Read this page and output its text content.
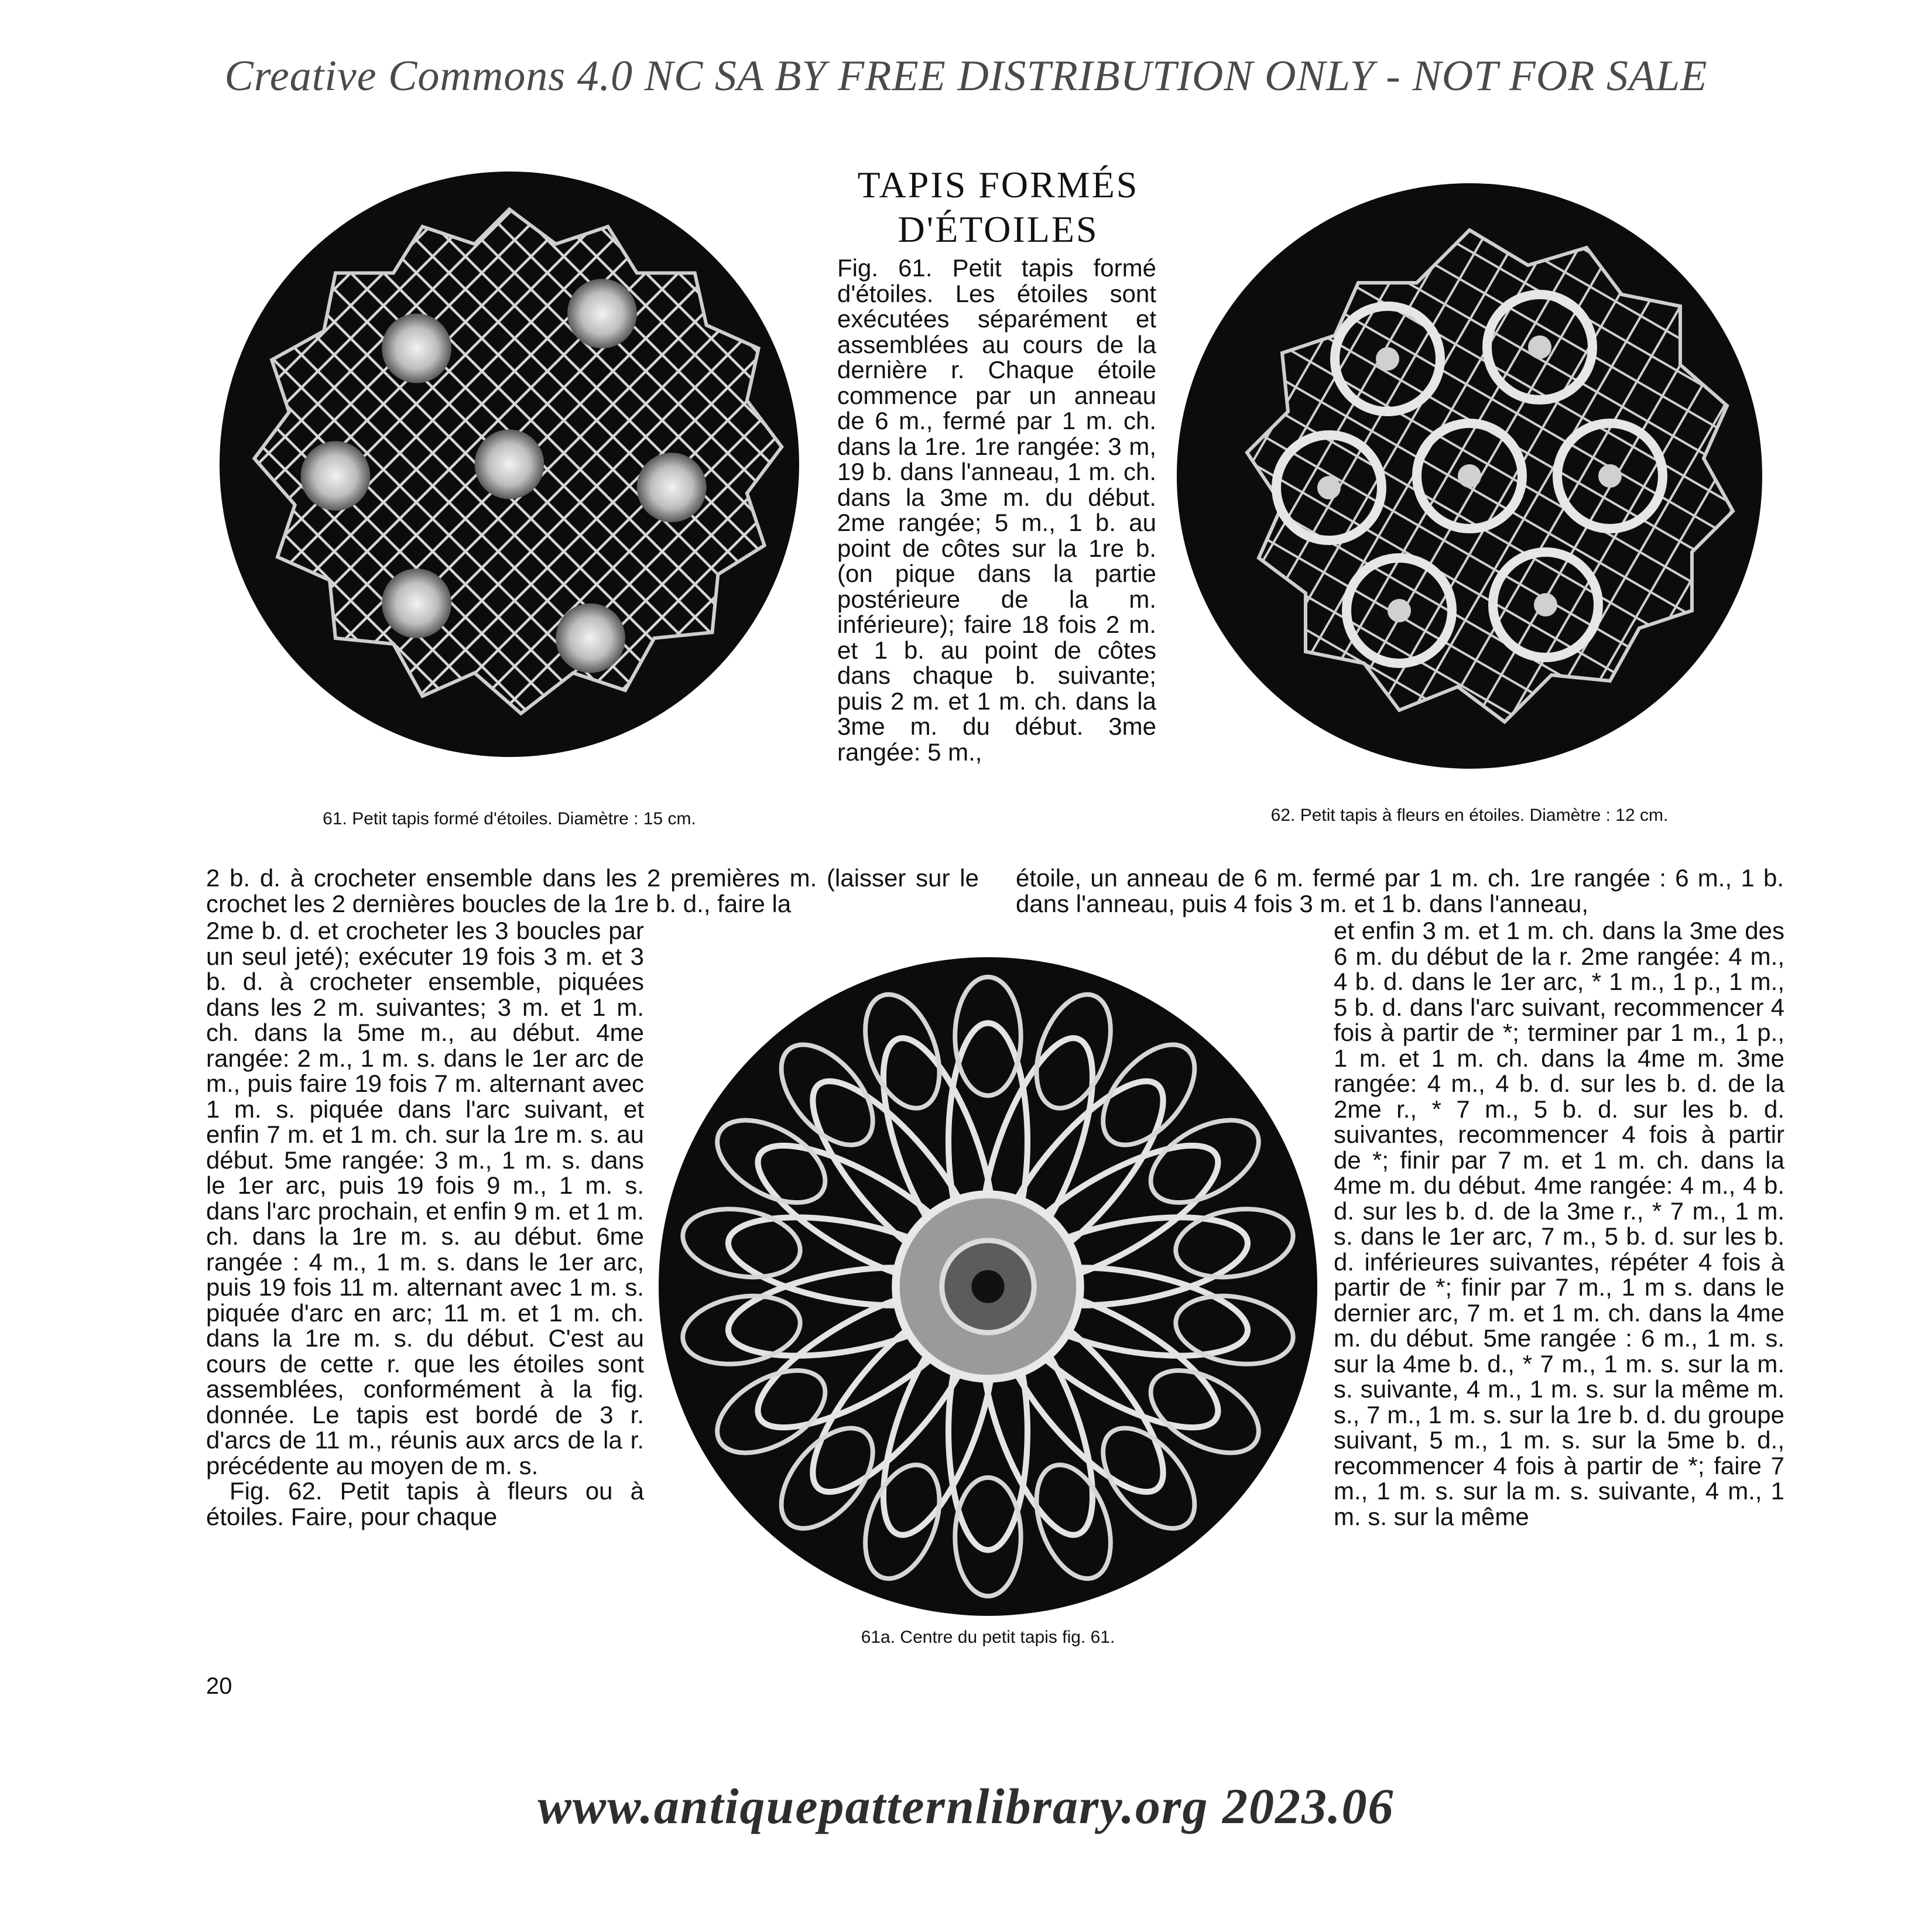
Creative Commons 4.0 NC SA BY FREE DISTRIBUTION ONLY - NOT FOR SALE
61. Petit tapis formé d'étoiles. Diamètre : 15 cm.
TAPIS FORMÉS
D'ÉTOILES

Fig. 61. Petit tapis formé d'étoiles. Les étoiles sont exécutées séparément et assemblées au cours de la dernière r. Chaque étoile commence par un anneau de 6 m., fermé par 1 m. ch. dans la 1re. 1re rangée: 3 m, 19 b. dans l'anneau, 1 m. ch. dans la 3me m. du début. 2me rangée; 5 m., 1 b. au point de côtes sur la 1re b. (on pique dans la partie postérieure de la m. inférieure); faire 18 fois 2 m. et 1 b. au point de côtes dans chaque b. suivante; puis 2 m. et 1 m. ch. dans la 3me m. du début. 3me rangée: 5 m.,

62. Petit tapis à fleurs en étoiles. Diamètre : 12 cm.

2 b. d. à crocheter ensemble dans les 2 premières m. (laisser sur le crochet les 2 dernières boucles de la 1re b. d., faire la

étoile, un anneau de 6 m. fermé par 1 m. ch. 1re rangée : 6 m., 1 b. dans l'anneau, puis 4 fois 3 m. et 1 b. dans l'anneau,

2me b. d. et crocheter les 3 boucles par un seul jeté); exécuter 19 fois 3 m. et 3 b. d. à crocheter ensemble, piquées dans les 2 m. suivantes; 3 m. et 1 m. ch. dans la 5me m., au début. 4me rangée: 2 m., 1 m. s. dans le 1er arc de m., puis faire 19 fois 7 m. alternant avec 1 m. s. piquée dans l'arc suivant, et enfin 7 m. et 1 m. ch. sur la 1re m. s. au début. 5me rangée: 3 m., 1 m. s. dans le 1er arc, puis 19 fois 9 m., 1 m. s. dans l'arc prochain, et enfin 9 m. et 1 m. ch. dans la 1re m. s. au début. 6me rangée : 4 m., 1 m. s. dans le 1er arc, puis 19 fois 11 m. alternant avec 1 m. s. piquée d'arc en arc; 11 m. et 1 m. ch. dans la 1re m. s. du début. C'est au cours de cette r. que les étoiles sont assemblées, conformément à la fig. donnée. Le tapis est bordé de 3 r. d'arcs de 11 m., réunis aux arcs de la r. précédente au moyen de m. s.

Fig. 62. Petit tapis à fleurs ou à étoiles. Faire, pour chaque

61a. Centre du petit tapis fig. 61.

et enfin 3 m. et 1 m. ch. dans la 3me des 6 m. du début de la r. 2me rangée: 4 m., 4 b. d. dans le 1er arc, * 1 m., 1 p., 1 m., 5 b. d. dans l'arc suivant, recommencer 4 fois à partir de *; terminer par 1 m., 1 p., 1 m. et 1 m. ch. dans la 4me m. 3me rangée: 4 m., 4 b. d. sur les b. d. de la 2me r., * 7 m., 5 b. d. sur les b. d. suivantes, recommencer 4 fois à partir de *; finir par 7 m. et 1 m. ch. dans la 4me m. du début. 4me rangée: 4 m., 4 b. d. sur les b. d. de la 3me r., * 7 m., 1 m. s. dans le 1er arc, 7 m., 5 b. d. sur les b. d. inférieures suivantes, répéter 4 fois à partir de *; finir par 7 m., 1 m s. dans le dernier arc, 7 m. et 1 m. ch. dans la 4me m. du début. 5me rangée : 6 m., 1 m. s. sur la 4me b. d., * 7 m., 1 m. s. sur la m. s. suivante, 4 m., 1 m. s. sur la même m. s., 7 m., 1 m. s. sur la 1re b. d. du groupe suivant, 5 m., 1 m. s. sur la 5me b. d., recommencer 4 fois à partir de *; faire 7 m., 1 m. s. sur la m. s. suivante, 4 m., 1 m. s. sur la même

20
www.antiquepatternlibrary.org 2023.06
